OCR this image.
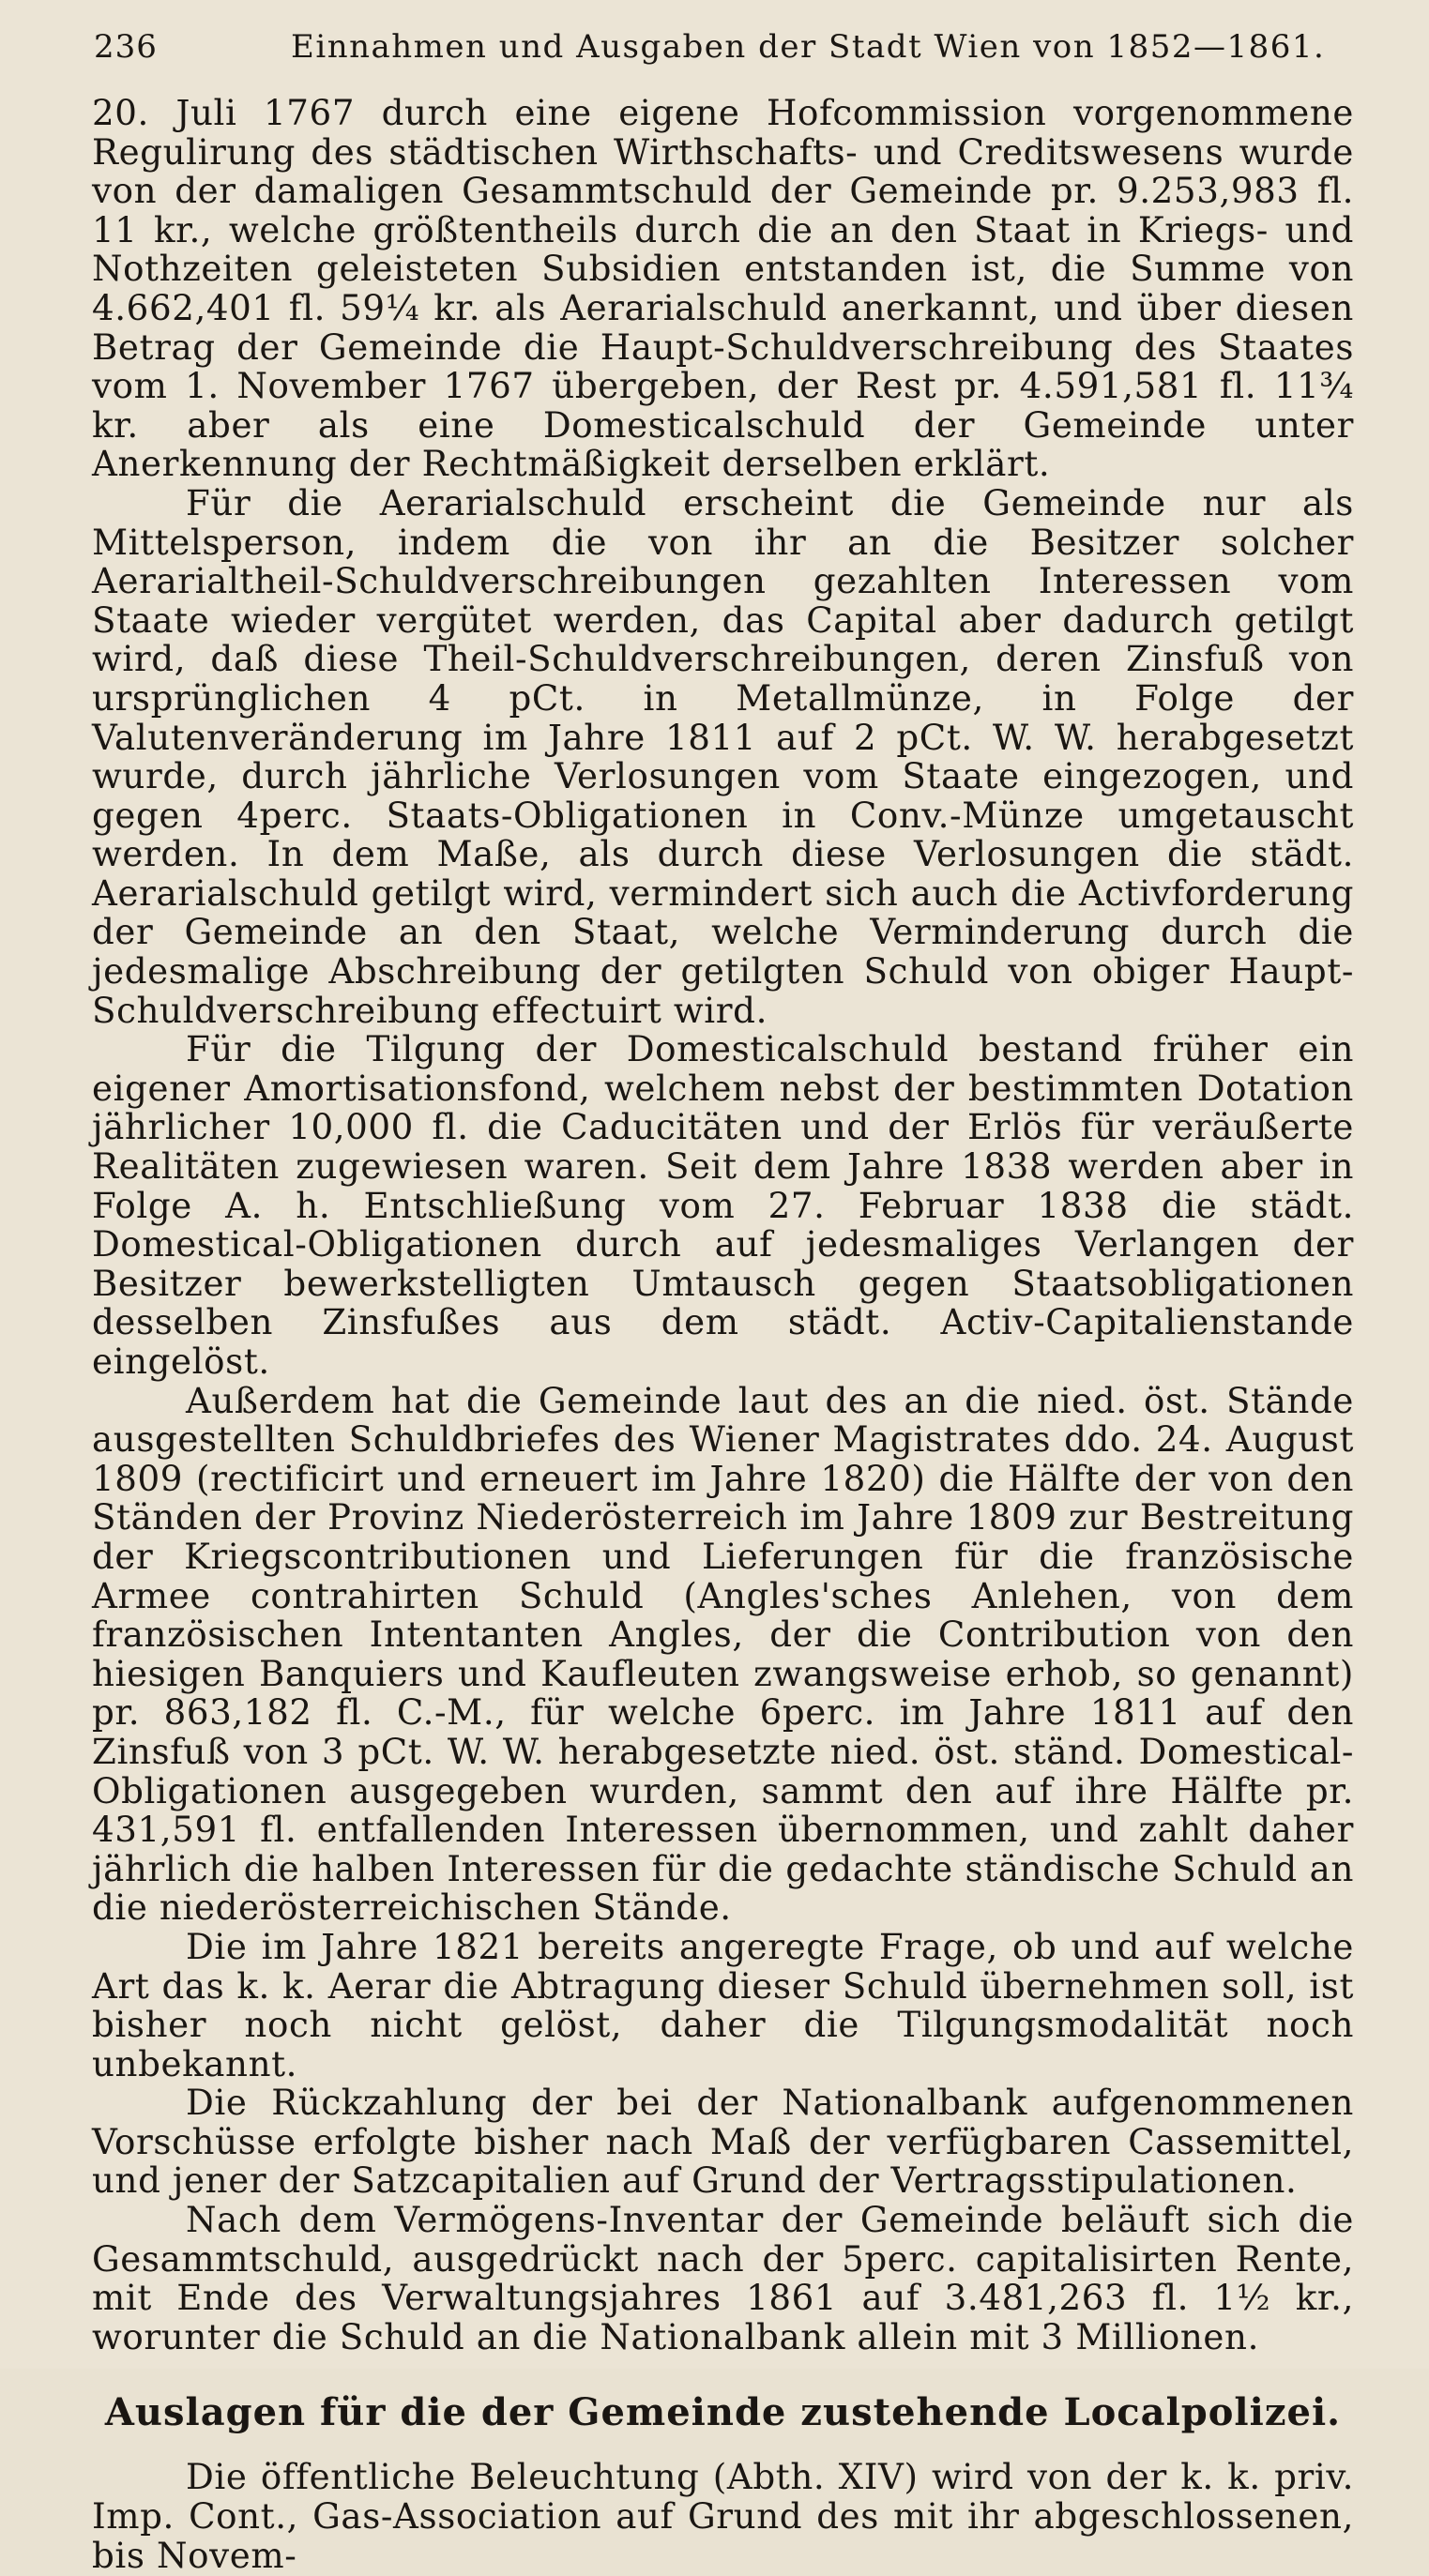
236	Einnahmen und Ausgaben der Stadt Wien von 1852—1861.

20. Juli 1767 durch eine eigene Hofcommission vorgenommene Regulirung des städtischen Wirthschafts- und Creditswesens wurde von der damaligen Gesammtschuld der Gemeinde pr. 9.253,983 fl. 11 kr., welche größtentheils durch die an den Staat in Kriegs- und Nothzeiten geleisteten Subsidien entstanden ist, die Summe von 4.662,401 fl. 59¼ kr. als Aerarialschuld anerkannt, und über diesen Betrag der Gemeinde die Haupt-Schuldverschreibung des Staates vom 1. November 1767 übergeben, der Rest pr. 4.591,581 fl. 11¾ kr. aber als eine Domesticalschuld der Gemeinde unter Anerkennung der Rechtmäßigkeit derselben erklärt.

Für die Aerarialschuld erscheint die Gemeinde nur als Mittelsperson, indem die von ihr an die Besitzer solcher Aerarialtheil-Schuldverschreibungen gezahlten Interessen vom Staate wieder vergütet werden, das Capital aber dadurch getilgt wird, daß diese Theil-Schuldverschreibungen, deren Zinsfuß von ursprünglichen 4 pCt. in Metallmünze, in Folge der Valutenveränderung im Jahre 1811 auf 2 pCt. W. W. herabgesetzt wurde, durch jährliche Verlosungen vom Staate eingezogen, und gegen 4perc. Staats-Obligationen in Conv.-Münze umgetauscht werden. In dem Maße, als durch diese Verlosungen die städt. Aerarialschuld getilgt wird, vermindert sich auch die Activforderung der Gemeinde an den Staat, welche Verminderung durch die jedesmalige Abschreibung der getilgten Schuld von obiger Haupt-Schuldverschreibung effectuirt wird.

Für die Tilgung der Domesticalschuld bestand früher ein eigener Amortisationsfond, welchem nebst der bestimmten Dotation jährlicher 10,000 fl. die Caducitäten und der Erlös für veräußerte Realitäten zugewiesen waren. Seit dem Jahre 1838 werden aber in Folge A. h. Entschließung vom 27. Februar 1838 die städt. Domestical-Obligationen durch auf jedesmaliges Verlangen der Besitzer bewerkstelligten Umtausch gegen Staatsobligationen desselben Zinsfußes aus dem städt. Activ-Capitalienstande eingelöst.

Außerdem hat die Gemeinde laut des an die nied. öst. Stände ausgestellten Schuldbriefes des Wiener Magistrates ddo. 24. August 1809 (rectificirt und erneuert im Jahre 1820) die Hälfte der von den Ständen der Provinz Niederösterreich im Jahre 1809 zur Bestreitung der Kriegscontributionen und Lieferungen für die französische Armee contrahirten Schuld (Angles'sches Anlehen, von dem französischen Intentanten Angles, der die Contribution von den hiesigen Banquiers und Kaufleuten zwangsweise erhob, so genannt) pr. 863,182 fl. C.-M., für welche 6perc. im Jahre 1811 auf den Zinsfuß von 3 pCt. W. W. herabgesetzte nied. öst. ständ. Domestical-Obligationen ausgegeben wurden, sammt den auf ihre Hälfte pr. 431,591 fl. entfallenden Interessen übernommen, und zahlt daher jährlich die halben Interessen für die gedachte ständische Schuld an die niederösterreichischen Stände.

Die im Jahre 1821 bereits angeregte Frage, ob und auf welche Art das k. k. Aerar die Abtragung dieser Schuld übernehmen soll, ist bisher noch nicht gelöst, daher die Tilgungsmodalität noch unbekannt.

Die Rückzahlung der bei der Nationalbank aufgenommenen Vorschüsse erfolgte bisher nach Maß der verfügbaren Cassemittel, und jener der Satzcapitalien auf Grund der Vertragsstipulationen.

Nach dem Vermögens-Inventar der Gemeinde beläuft sich die Gesammtschuld, ausgedrückt nach der 5perc. capitalisirten Rente, mit Ende des Verwaltungsjahres 1861 auf 3.481,263 fl. 1½ kr., worunter die Schuld an die Nationalbank allein mit 3 Millionen.

Auslagen für die der Gemeinde zustehende Localpolizei.

Die öffentliche Beleuchtung (Abth. XIV) wird von der k. k. priv. Imp. Cont., Gas-Association auf Grund des mit ihr abgeschlossenen, bis Novem-
